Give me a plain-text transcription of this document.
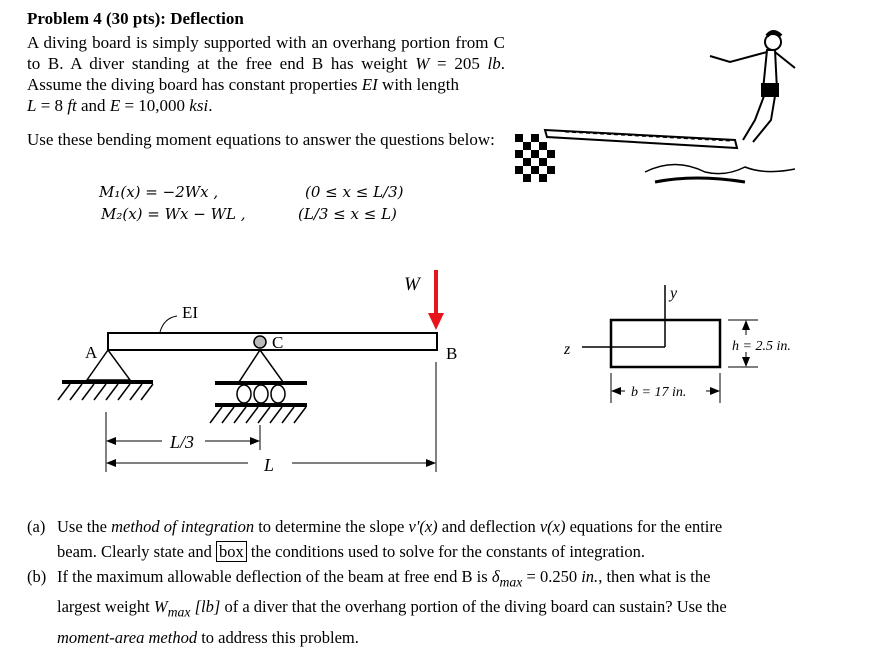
Problem 4 (30 pts): Deflection
A diving board is simply supported with an overhang portion from C to B. A diver standing at the free end B has weight W = 205 lb. Assume the diving board has constant properties EI with length
L = 8 ft and E = 10,000 ksi.
Use these bending moment equations to answer the questions below:
M₁(x) = −2Wx ,	(0 ≤ x ≤ L/3)
M₂(x) = Wx − WL ,	(L/3 ≤ x ≤ L)
EI
A	B
C
W
L/3
L
y
z	h = 2.5 in.
b = 17 in.
(a) Use the method of integration to determine the slope v'(x) and deflection v(x) equations for the entire
beam. Clearly state and box the conditions used to solve for the constants of integration.
(b) If the maximum allowable deflection of the beam at free end B is $\delta_{max} = 0.250$ in., then what is the
largest weight $W_{max}$ [lb] of a diver that the overhang portion of the diving board can sustain? Use the
moment-area method to address this problem.
